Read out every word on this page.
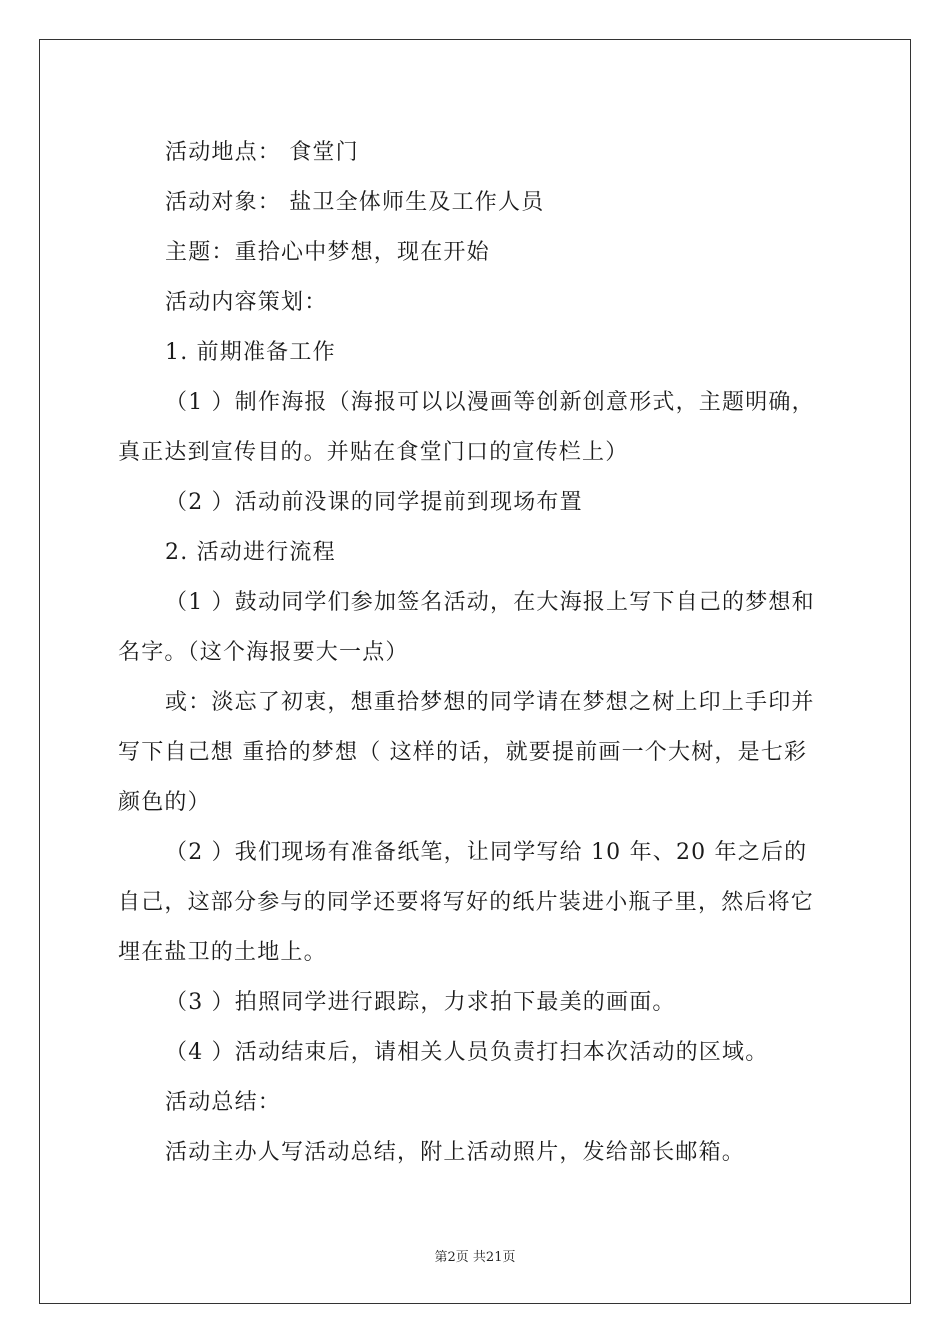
活动地点： 食堂门
活动对象： 盐卫全体师生及工作人员
主题：重拾心中梦想，现在开始
活动内容策划：
1. 前期准备工作
（1 ）制作海报（海报可以以漫画等创新创意形式，主题明确，
真正达到宣传目的。并贴在食堂门口的宣传栏上）
（2 ）活动前没课的同学提前到现场布置
2. 活动进行流程
（1 ）鼓动同学们参加签名活动，在大海报上写下自己的梦想和
名字。（这个海报要大一点）
或：淡忘了初衷，想重拾梦想的同学请在梦想之树上印上手印并
写下自己想 重拾的梦想（ 这样的话，就要提前画一个大树，是七彩
颜色的）
（2 ）我们现场有准备纸笔，让同学写给 10 年、20 年之后的
自己，这部分参与的同学还要将写好的纸片装进小瓶子里，然后将它
埋在盐卫的土地上。
（3 ）拍照同学进行跟踪，力求拍下最美的画面。
（4 ）活动结束后，请相关人员负责打扫本次活动的区域。
活动总结：
活动主办人写活动总结，附上活动照片，发给部长邮箱。
第2页 共21页
